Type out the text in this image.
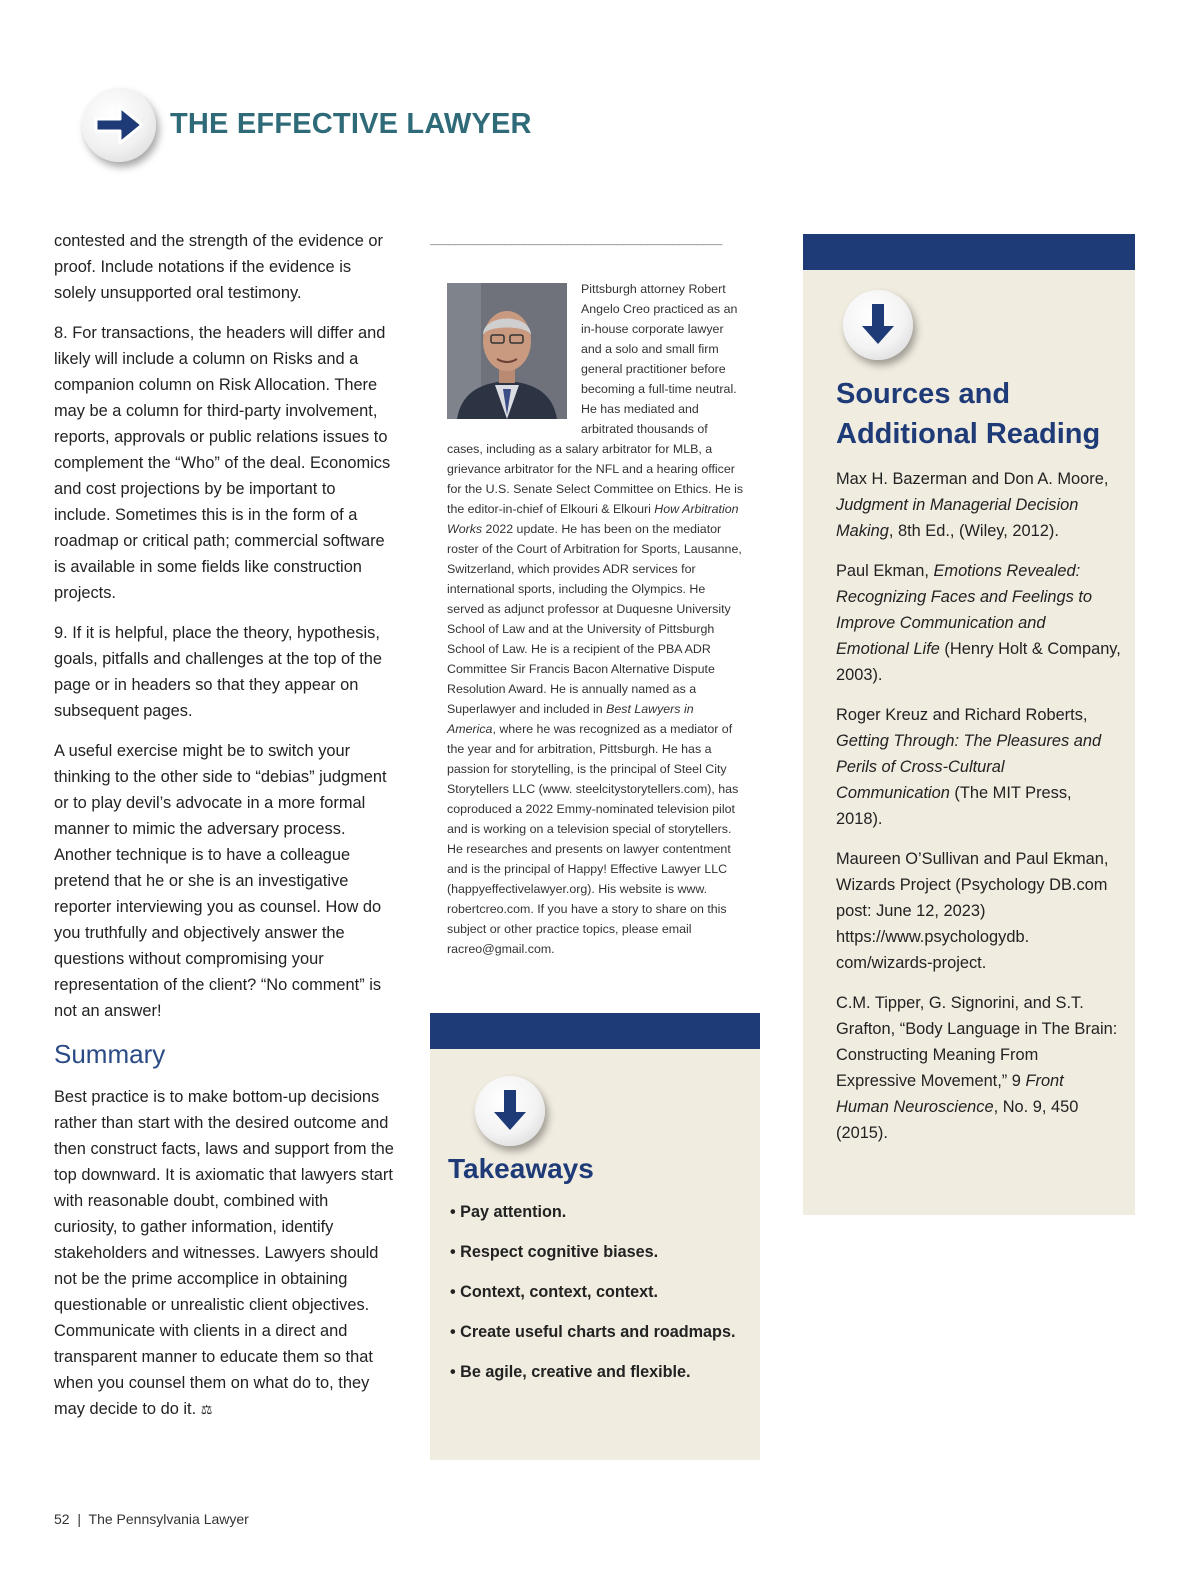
THE EFFECTIVE LAWYER

contested and the strength of the evidence or proof. Include notations if the evidence is solely unsupported oral testimony.

8. For transactions, the headers will differ and likely will include a column on Risks and a companion column on Risk Allocation. There may be a column for third-party involvement, reports, approvals or public relations issues to complement the “Who” of the deal. Economics and cost projections by be important to include. Sometimes this is in the form of a roadmap or critical path; commercial software is available in some fields like construction projects.

9. If it is helpful, place the theory, hypothesis, goals, pitfalls and challenges at the top of the page or in headers so that they appear on subsequent pages.

A useful exercise might be to switch your thinking to the other side to “debias” judgment or to play devil’s advocate in a more formal manner to mimic the adversary process. Another technique is to have a colleague pretend that he or she is an investigative reporter interviewing you as counsel. How do you truthfully and objectively answer the questions without compromising your representation of the client? “No comment” is not an answer!

Summary

Best practice is to make bottom-up decisions rather than start with the desired outcome and then construct facts, laws and support from the top downward. It is axiomatic that lawyers start with reasonable doubt, combined with curiosity, to gather information, identify stakeholders and witnesses. Lawyers should not be the prime accomplice in obtaining questionable or unrealistic client objectives. Communicate with clients in a direct and transparent manner to educate them so that when you counsel them on what do to, they may decide to do it. ⚖

_______________________________________________

Pittsburgh attorney Robert Angelo Creo practiced as an in-house corporate lawyer and a solo and small firm general practitioner before becoming a full-time neutral. He has mediated and arbitrated thousands of cases, including as a salary arbitrator for MLB, a grievance arbitrator for the NFL and a hearing officer for the U.S. Senate Select Committee on Ethics. He is the editor-in-chief of Elkouri & Elkouri How Arbitration Works 2022 update. He has been on the mediator roster of the Court of Arbitration for Sports, Lausanne, Switzerland, which provides ADR services for international sports, including the Olympics. He served as adjunct professor at Duquesne University School of Law and at the University of Pittsburgh School of Law. He is a recipient of the PBA ADR Committee Sir Francis Bacon Alternative Dispute Resolution Award. He is annually named as a Superlawyer and included in Best Lawyers in America, where he was recognized as a mediator of the year and for arbitration, Pittsburgh. He has a passion for storytelling, is the principal of Steel City Storytellers LLC (www. steelcitystorytellers.com), has coproduced a 2022 Emmy-nominated television pilot and is working on a television special of storytellers. He researches and presents on lawyer contentment and is the principal of Happy! Effective Lawyer LLC (happyeffectivelawyer.org). His website is www. robertcreo.com. If you have a story to share on this subject or other practice topics, please email racreo@gmail.com.

Takeaways
• Pay attention.
• Respect cognitive biases.
• Context, context, context.
• Create useful charts and roadmaps.
• Be agile, creative and flexible.
Sources and Additional Reading

Max H. Bazerman and Don A. Moore, Judgment in Managerial Decision Making, 8th Ed., (Wiley, 2012).

Paul Ekman, Emotions Revealed: Recognizing Faces and Feelings to Improve Communication and Emotional Life (Henry Holt & Company, 2003).

Roger Kreuz and Richard Roberts, Getting Through: The Pleasures and Perils of Cross-Cultural Communication (The MIT Press, 2018).

Maureen O’Sullivan and Paul Ekman, Wizards Project (Psychology DB.com post: June 12, 2023) https://www.psychologydb. com/wizards-project.

C.M. Tipper, G. Signorini, and S.T. Grafton, “Body Language in The Brain: Constructing Meaning From Expressive Movement,” 9 Front Human Neuroscience, No. 9, 450 (2015).

52  |  The Pennsylvania Lawyer
